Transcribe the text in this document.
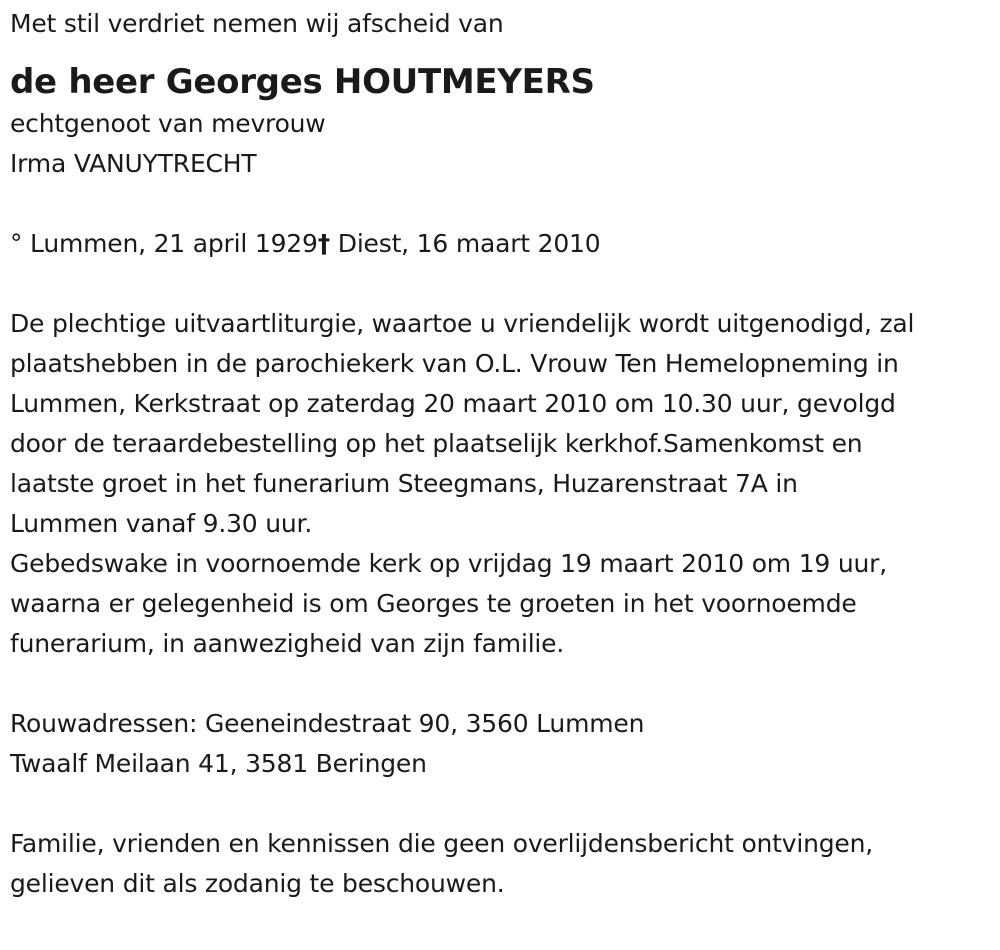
Met stil verdriet nemen wij afscheid van
de heer Georges HOUTMEYERS
echtgenoot van mevrouw
Irma VANUYTRECHT
° Lummen, 21 april 1929† Diest, 16 maart 2010
De plechtige uitvaartliturgie, waartoe u vriendelijk wordt uitgenodigd, zal
plaatshebben in de parochiekerk van O.L. Vrouw Ten Hemelopneming in
Lummen, Kerkstraat op zaterdag 20 maart 2010 om 10.30 uur, gevolgd
door de teraardebestelling op het plaatselijk kerkhof.Samenkomst en
laatste groet in het funerarium Steegmans, Huzarenstraat 7A in
Lummen vanaf 9.30 uur.
Gebedswake in voornoemde kerk op vrijdag 19 maart 2010 om 19 uur,
waarna er gelegenheid is om Georges te groeten in het voornoemde
funerarium, in aanwezigheid van zijn familie.
Rouwadressen: Geeneindestraat 90, 3560 Lummen
Twaalf Meilaan 41, 3581 Beringen
Familie, vrienden en kennissen die geen overlijdensbericht ontvingen,
gelieven dit als zodanig te beschouwen.
